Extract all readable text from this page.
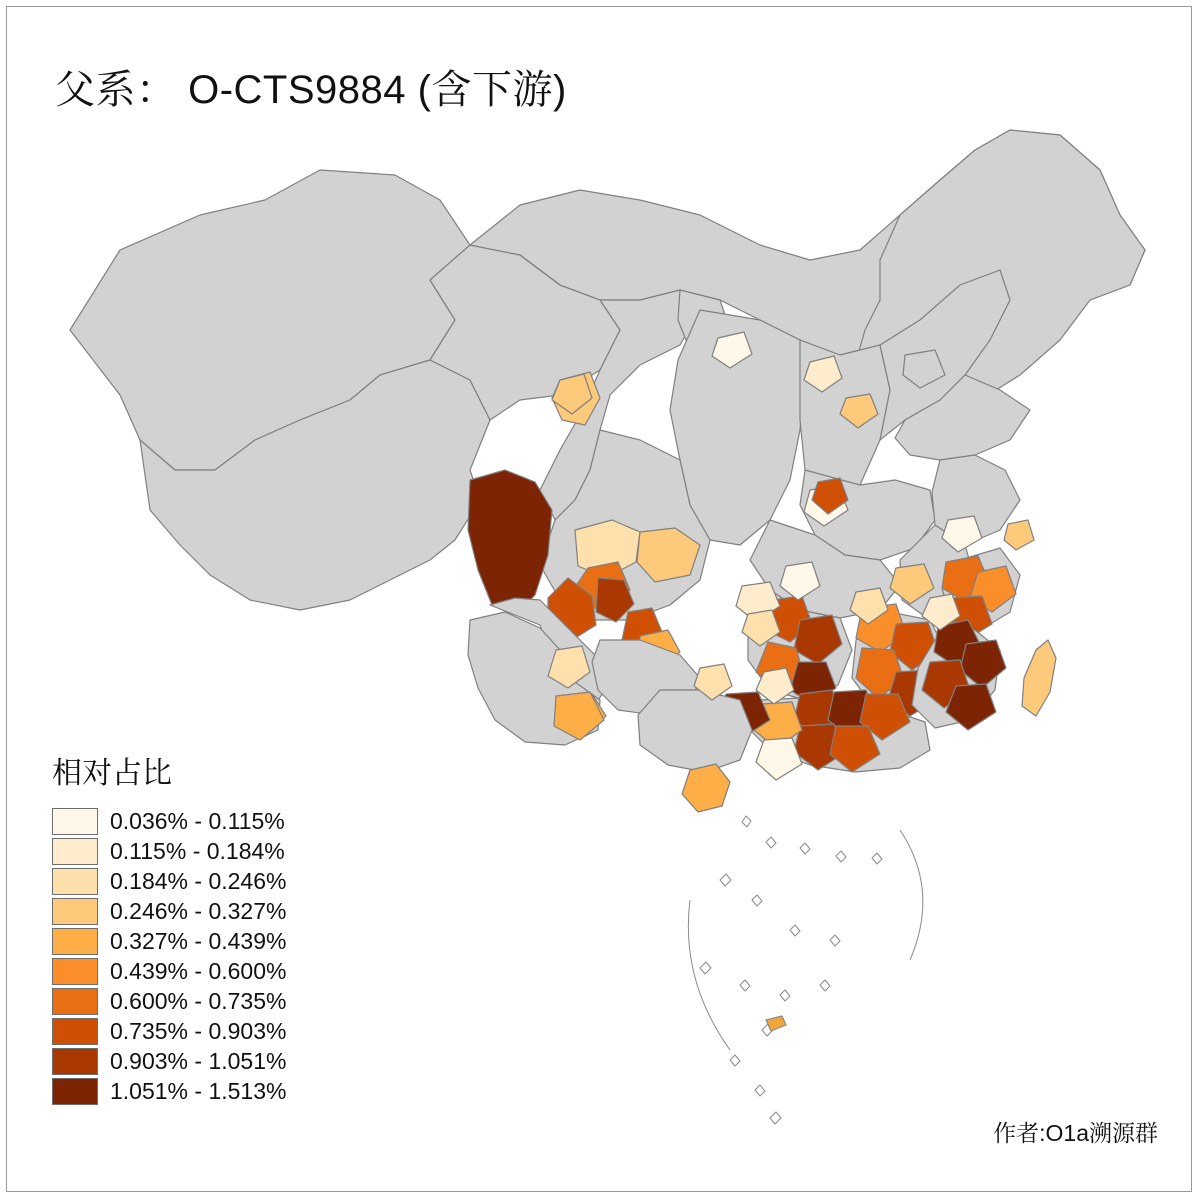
父系： O-CTS9884 (含下游)
相对占比
0.036% - 0.115%
0.115% - 0.184%
0.184% - 0.246%
0.246% - 0.327%
0.327% - 0.439%
0.439% - 0.600%
0.600% - 0.735%
0.735% - 0.903%
0.903% - 1.051%
1.051% - 1.513%
作者:O1a溯源群
